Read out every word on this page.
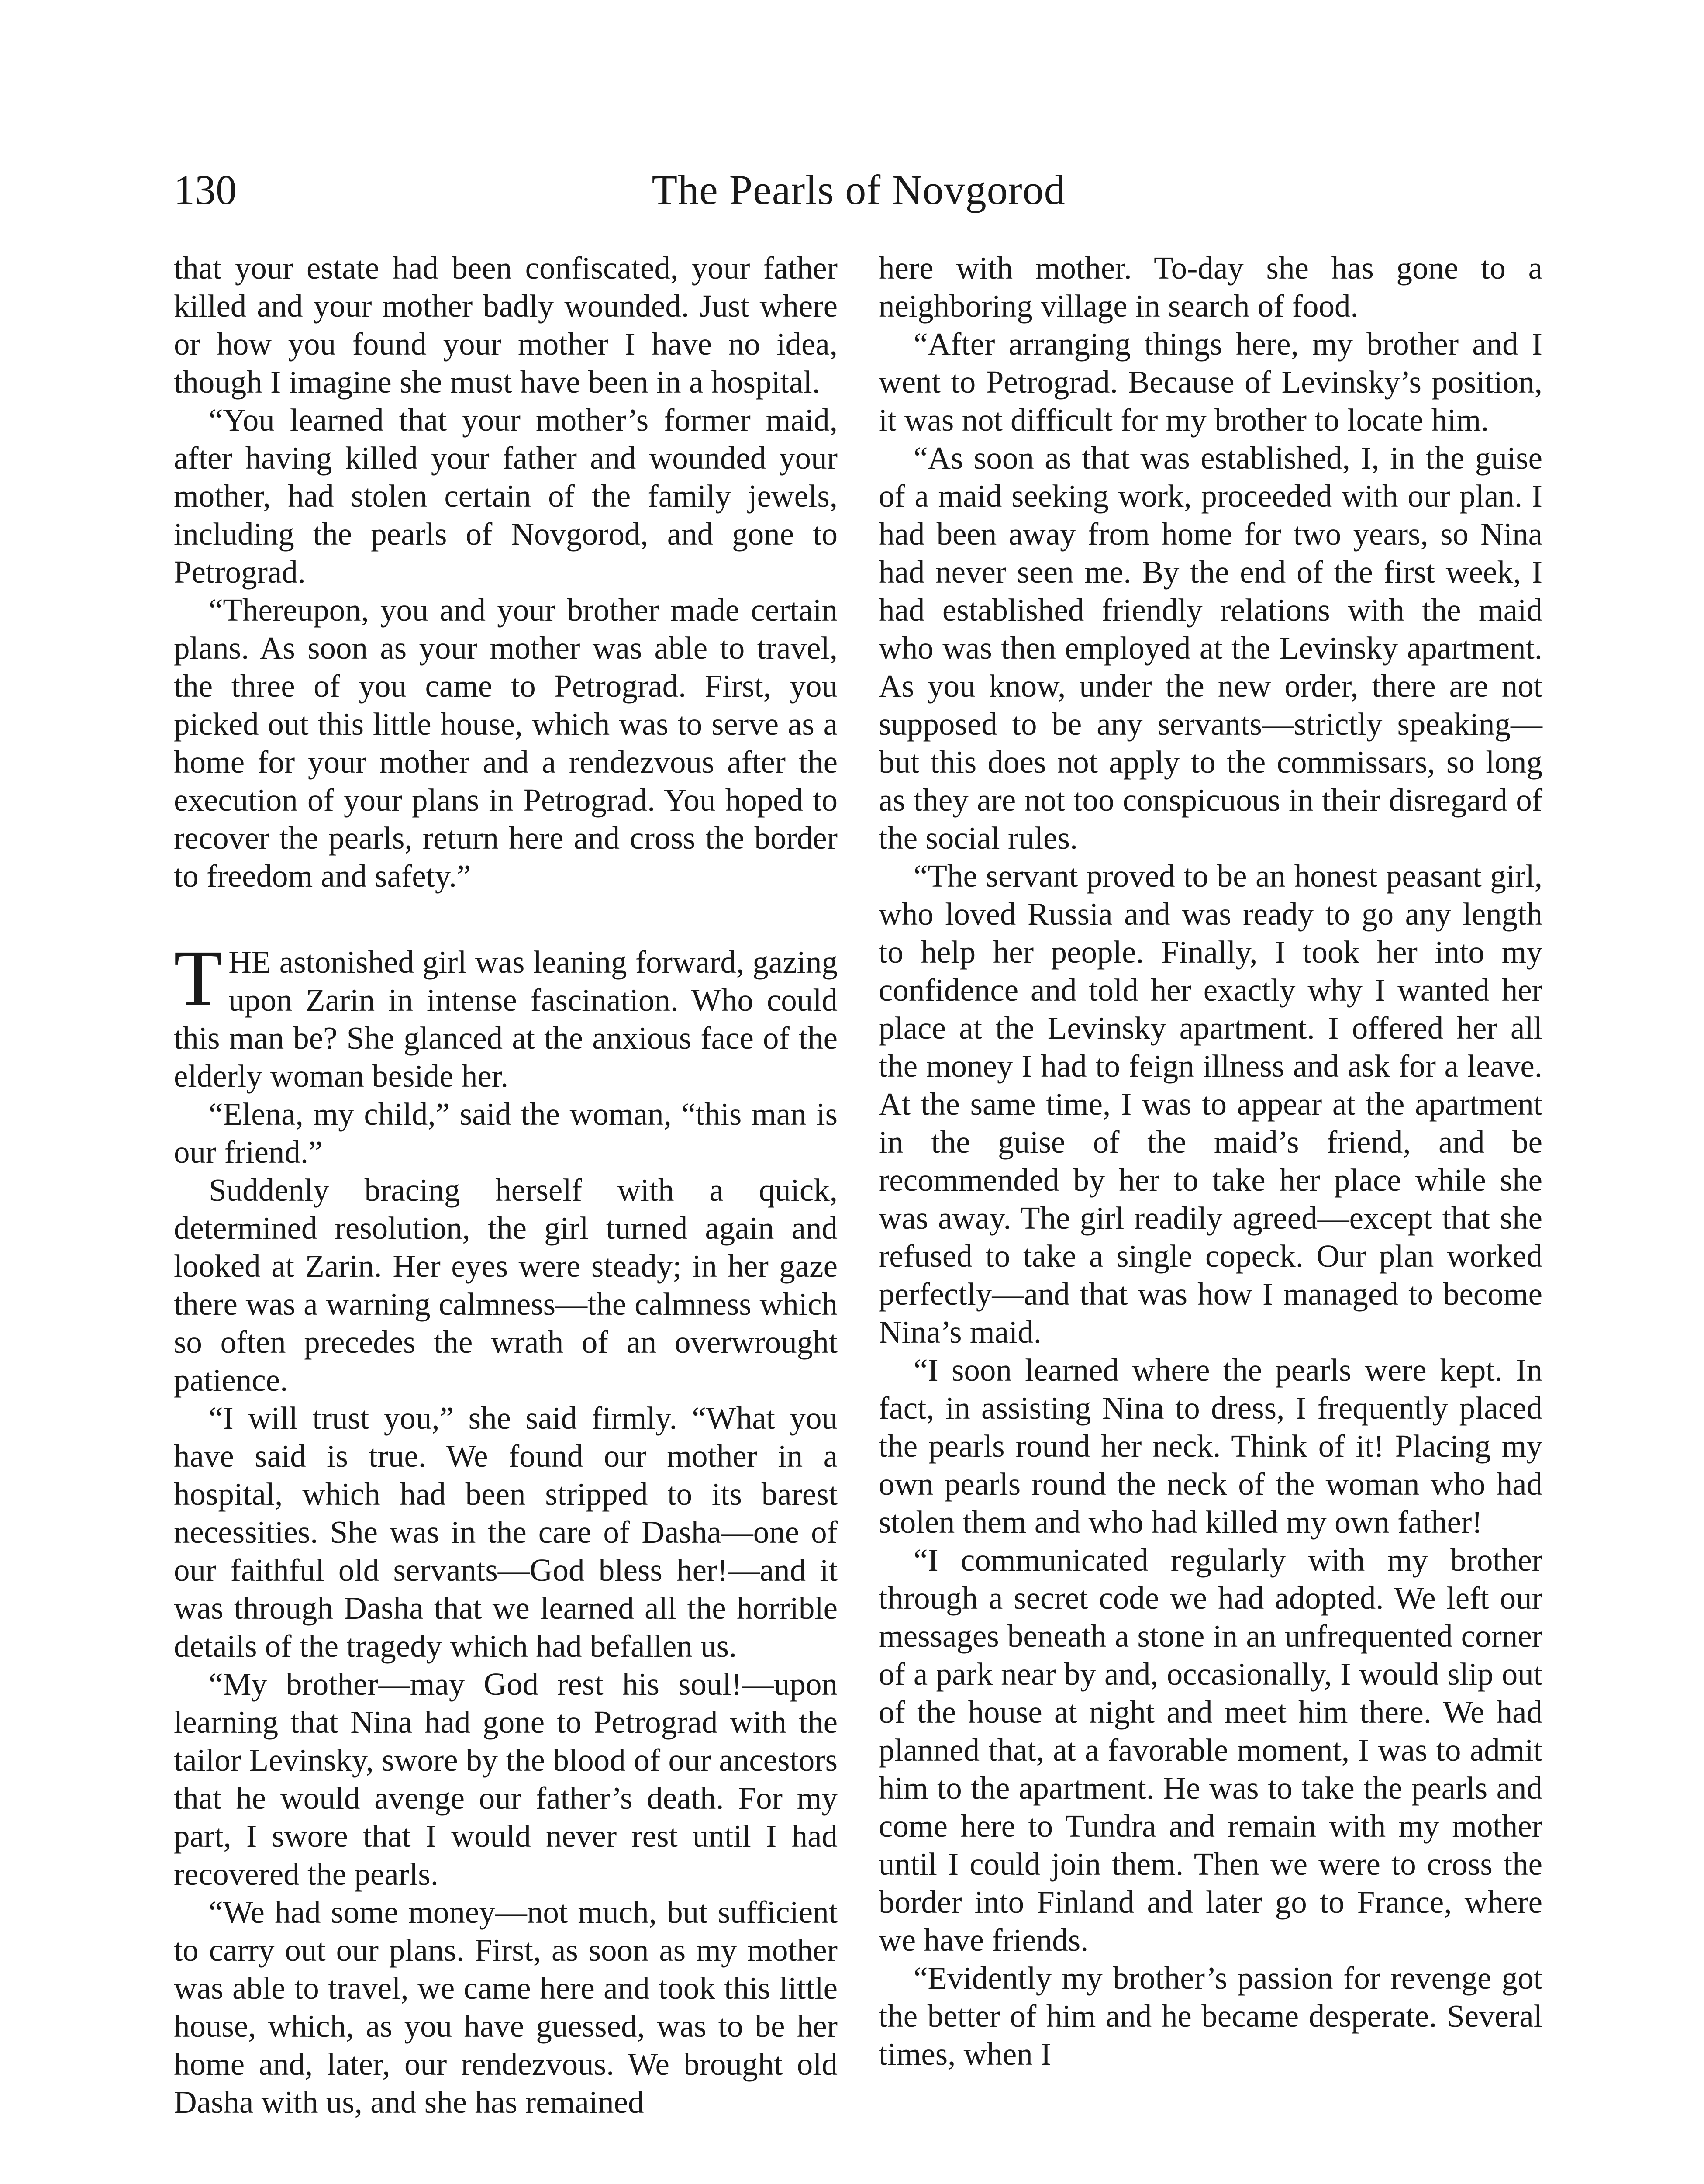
130	The Pearls of Novgorod

that your estate had been confiscated, your father killed and your mother badly wounded. Just where or how you found your mother I have no idea, though I imagine she must have been in a hospital.

“You learned that your mother’s former maid, after having killed your father and wounded your mother, had stolen certain of the family jewels, including the pearls of Novgorod, and gone to Petrograd.

“Thereupon, you and your brother made certain plans. As soon as your mother was able to travel, the three of you came to Petrograd. First, you picked out this little house, which was to serve as a home for your mother and a rendezvous after the execution of your plans in Petrograd. You hoped to recover the pearls, return here and cross the border to freedom and safety.”

THE astonished girl was leaning forward, gazing upon Zarin in intense fascination. Who could this man be? She glanced at the anxious face of the elderly woman beside her.

“Elena, my child,” said the woman, “this man is our friend.”

Suddenly bracing herself with a quick, determined resolution, the girl turned again and looked at Zarin. Her eyes were steady; in her gaze there was a warning calmness—the calmness which so often precedes the wrath of an overwrought patience.

“I will trust you,” she said firmly. “What you have said is true. We found our mother in a hospital, which had been stripped to its barest necessities. She was in the care of Dasha—one of our faithful old servants—God bless her!—and it was through Dasha that we learned all the horrible details of the tragedy which had befallen us.

“My brother—may God rest his soul!—upon learning that Nina had gone to Petrograd with the tailor Levinsky, swore by the blood of our ancestors that he would avenge our father’s death. For my part, I swore that I would never rest until I had recovered the pearls.

“We had some money—not much, but sufficient to carry out our plans. First, as soon as my mother was able to travel, we came here and took this little house, which, as you have guessed, was to be her home and, later, our rendezvous. We brought old Dasha with us, and she has remained

here with mother. To-day she has gone to a neighboring village in search of food.

“After arranging things here, my brother and I went to Petrograd. Because of Levinsky’s position, it was not difficult for my brother to locate him.

“As soon as that was established, I, in the guise of a maid seeking work, proceeded with our plan. I had been away from home for two years, so Nina had never seen me. By the end of the first week, I had established friendly relations with the maid who was then employed at the Levinsky apartment. As you know, under the new order, there are not supposed to be any servants—strictly speaking—but this does not apply to the commissars, so long as they are not too conspicuous in their disregard of the social rules.

“The servant proved to be an honest peasant girl, who loved Russia and was ready to go any length to help her people. Finally, I took her into my confidence and told her exactly why I wanted her place at the Levinsky apartment. I offered her all the money I had to feign illness and ask for a leave. At the same time, I was to appear at the apartment in the guise of the maid’s friend, and be recommended by her to take her place while she was away. The girl readily agreed—except that she refused to take a single copeck. Our plan worked perfectly—and that was how I managed to become Nina’s maid.

“I soon learned where the pearls were kept. In fact, in assisting Nina to dress, I frequently placed the pearls round her neck. Think of it! Placing my own pearls round the neck of the woman who had stolen them and who had killed my own father!

“I communicated regularly with my brother through a secret code we had adopted. We left our messages beneath a stone in an unfrequented corner of a park near by and, occasionally, I would slip out of the house at night and meet him there. We had planned that, at a favorable moment, I was to admit him to the apartment. He was to take the pearls and come here to Tundra and remain with my mother until I could join them. Then we were to cross the border into Finland and later go to France, where we have friends.

“Evidently my brother’s passion for revenge got the better of him and he became desperate. Several times, when I
